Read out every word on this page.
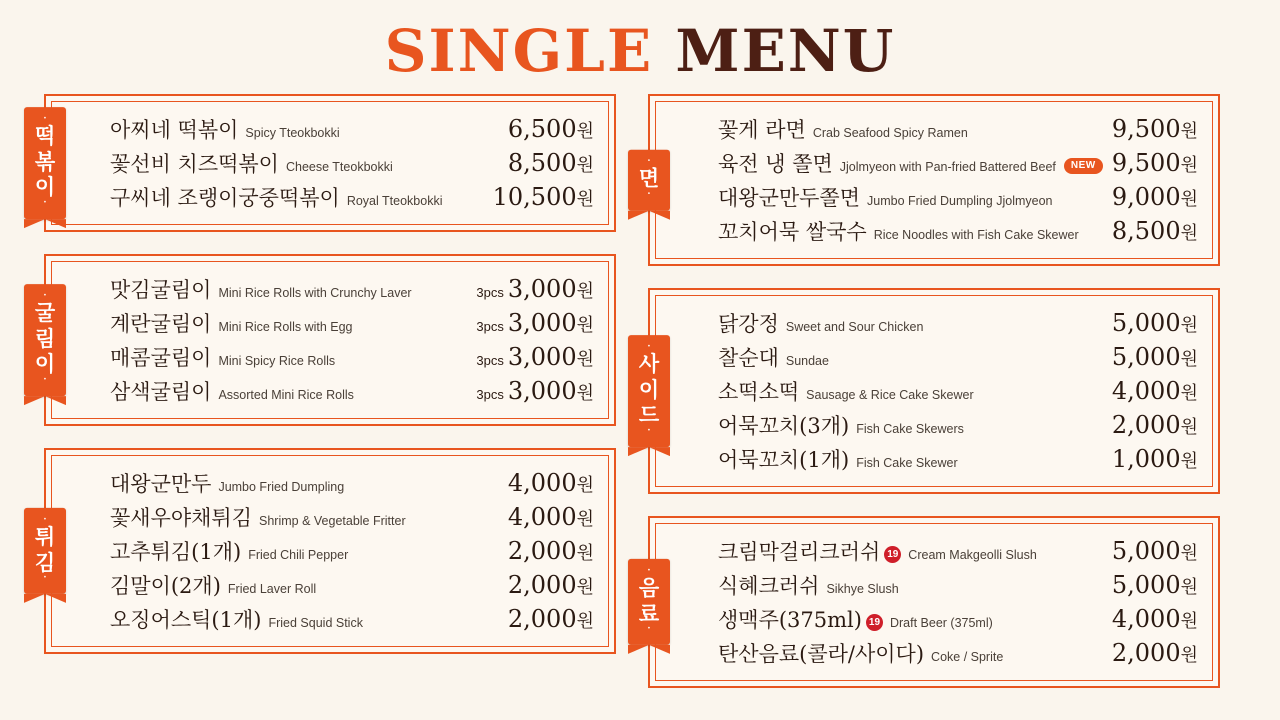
SINGLE MENU
·
떡
볶
이
·
아찌네 떡볶이 Spicy Tteokbokki	6,500원
꽃선비 치즈떡볶이 Cheese Tteokbokki	8,500원
구씨네 조랭이궁중떡볶이 Royal Tteokbokki 10,500원
·
굴
림
이
·
맛김굴림이 Mini Rice Rolls with Crunchy Laver	3pcs 3,000원
계란굴림이 Mini Rice Rolls with Egg	3pcs 3,000원
매콤굴림이 Mini Spicy Rice Rolls	3pcs 3,000원
삼색굴림이 Assorted Mini Rice Rolls	3pcs 3,000원
·
튀
김
·
대왕군만두 Jumbo Fried Dumpling	4,000원
꽃새우야채튀김 Shrimp & Vegetable Fritter	4,000원
고추튀김(1개) Fried Chili Pepper	2,000원
김말이(2개) Fried Laver Roll	2,000원
오징어스틱(1개) Fried Squid Stick	2,000원
·
면
·
꽃게 라면 Crab Seafood Spicy Ramen	9,500원
육전 냉 쫄면 Jjolmyeon with Pan-fried Battered Beef	NEW 9,500원
대왕군만두쫄면 Jumbo Fried Dumpling Jjolmyeon 9,000원
꼬치어묵 쌀국수 Rice Noodles with Fish Cake Skewer 8,500원
·
사
이
드
·
닭강정 Sweet and Sour Chicken	5,000원
찰순대 Sundae	5,000원
소떡소떡 Sausage & Rice Cake Skewer	4,000원
어묵꼬치(3개) Fish Cake Skewers	2,000원
어묵꼬치(1개) Fish Cake Skewer	1,000원
·
음
료
·
크림막걸리크러쉬 19 Cream Makgeolli Slush	5,000원
식혜크러쉬 Sikhye Slush	5,000원
생맥주(375ml) 19 Draft Beer (375ml)	4,000원
탄산음료(콜라/사이다) Coke / Sprite	2,000원
